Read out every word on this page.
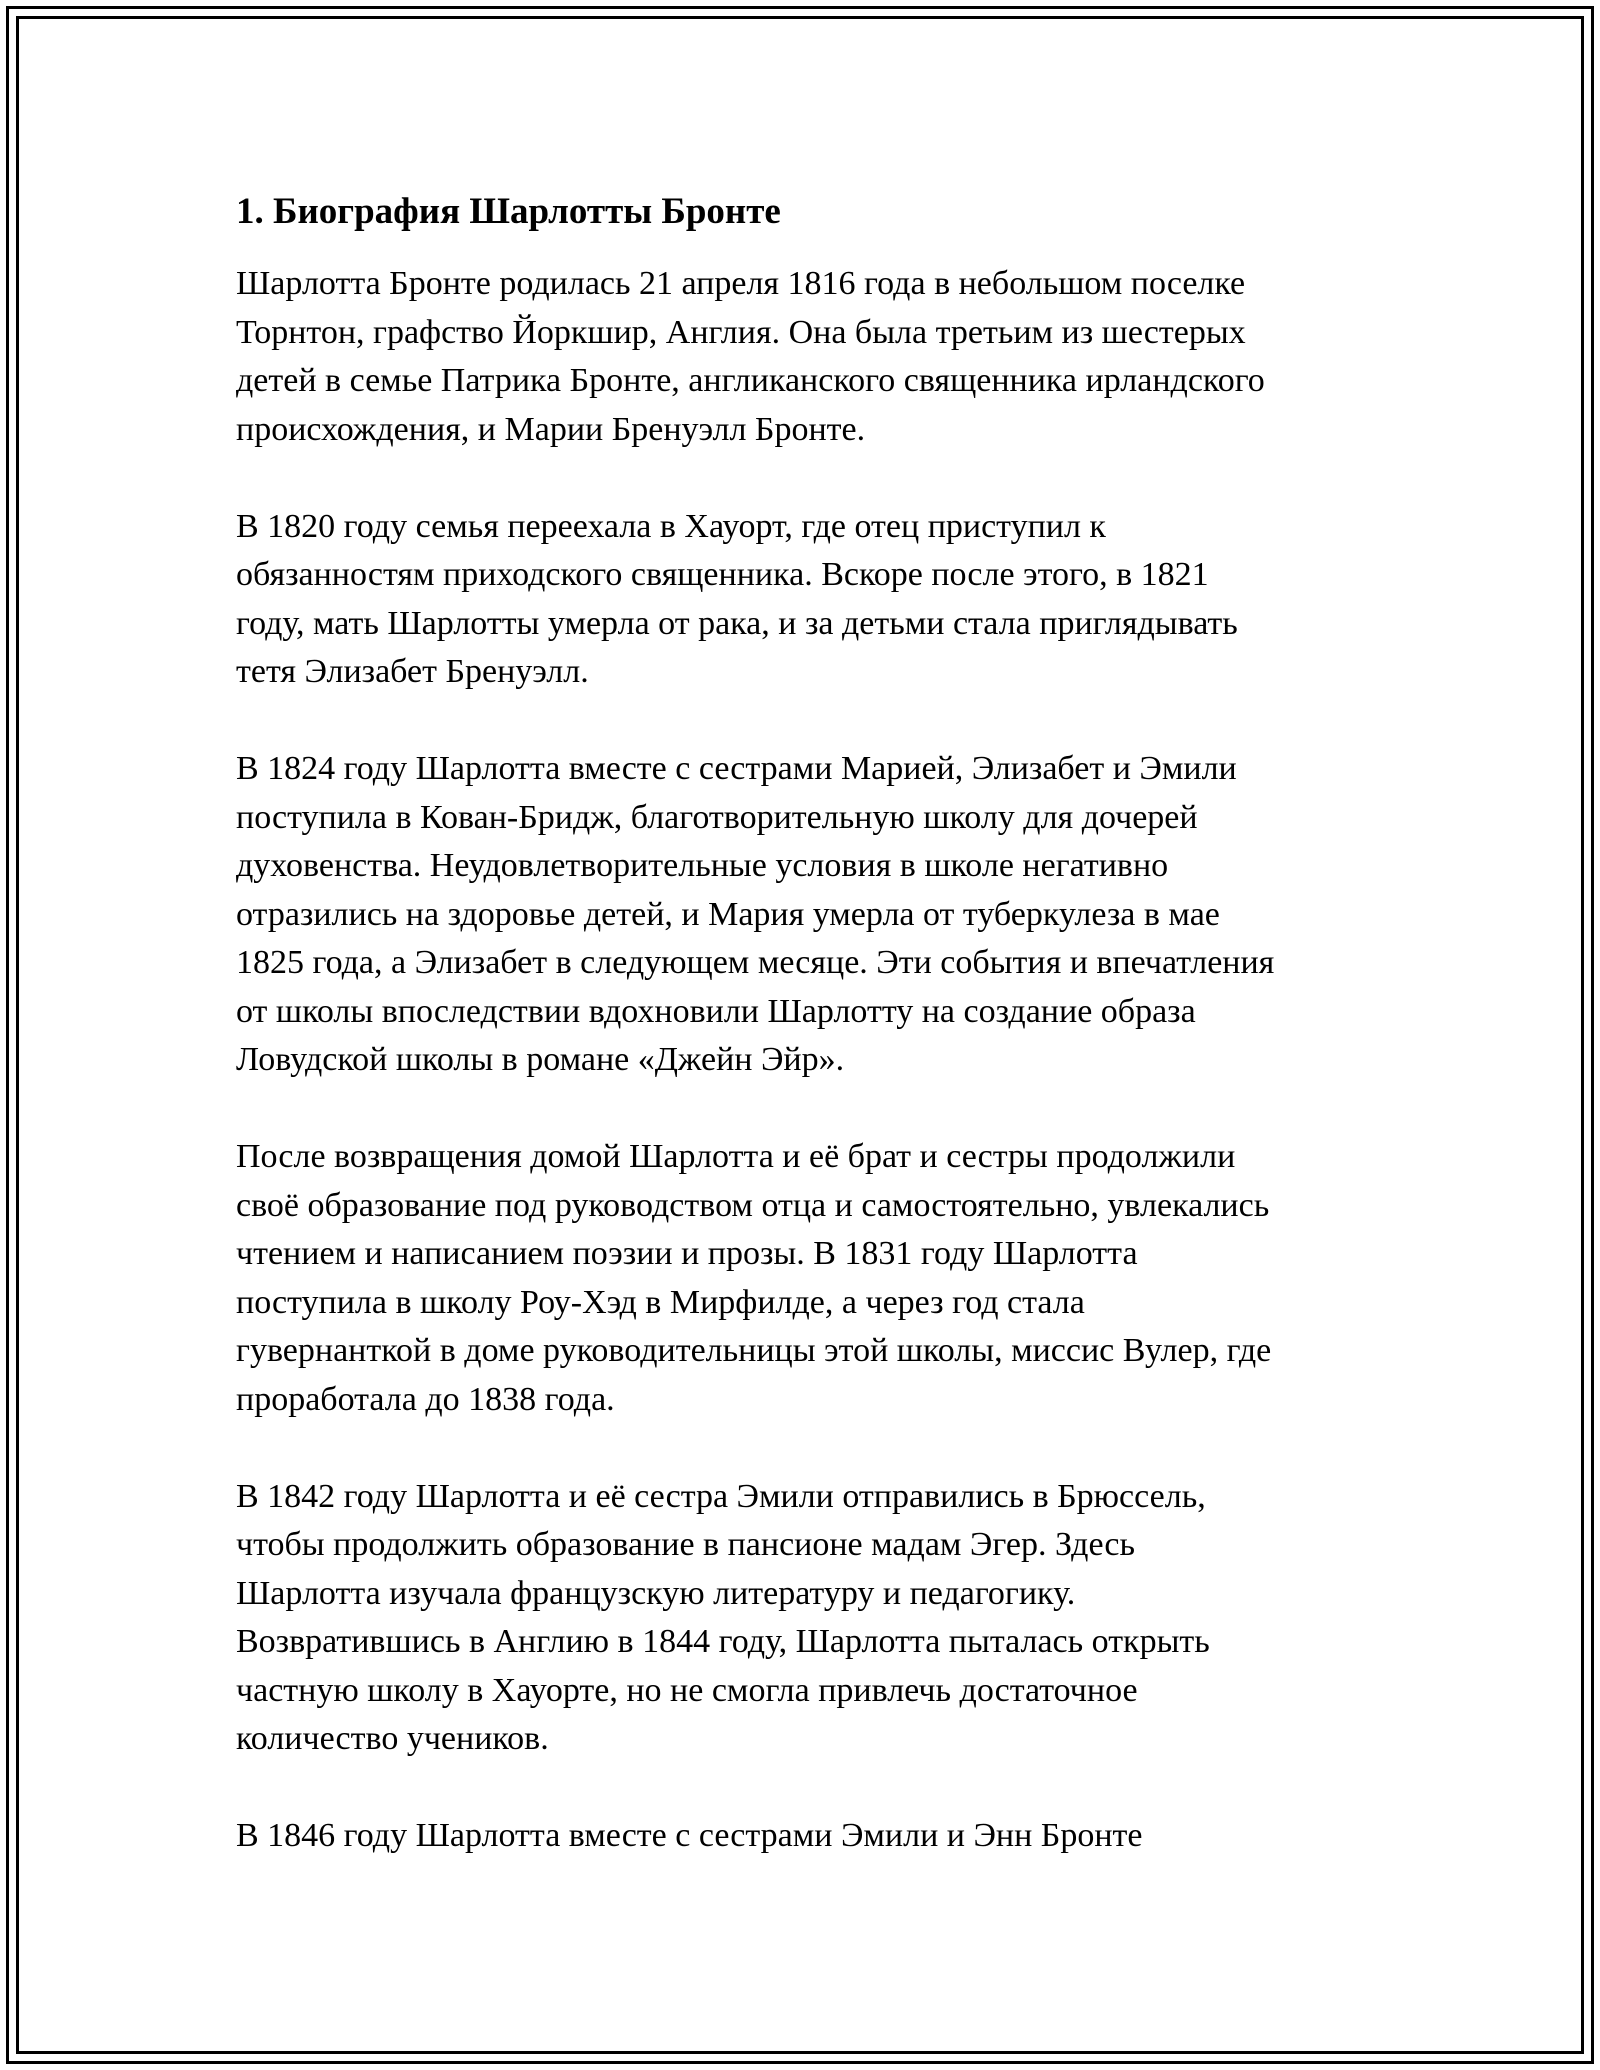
1. Биография Шарлотты Бронте
Шарлотта Бронте родилась 21 апреля 1816 года в небольшом поселке
Торнтон, графство Йоркшир, Англия. Она была третьим из шестерых
детей в семье Патрика Бронте, англиканского священника ирландского
происхождения, и Марии Бренуэлл Бронте.
В 1820 году семья переехала в Хауорт, где отец приступил к
обязанностям приходского священника. Вскоре после этого, в 1821
году, мать Шарлотты умерла от рака, и за детьми стала приглядывать
тетя Элизабет Бренуэлл.
В 1824 году Шарлотта вместе с сестрами Марией, Элизабет и Эмили
поступила в Кован-Бридж, благотворительную школу для дочерей
духовенства. Неудовлетворительные условия в школе негативно
отразились на здоровье детей, и Мария умерла от туберкулеза в мае
1825 года, а Элизабет в следующем месяце. Эти события и впечатления
от школы впоследствии вдохновили Шарлотту на создание образа
Ловудской школы в романе «Джейн Эйр».
После возвращения домой Шарлотта и её брат и сестры продолжили
своё образование под руководством отца и самостоятельно, увлекались
чтением и написанием поэзии и прозы. В 1831 году Шарлотта
поступила в школу Роу-Хэд в Мирфилде, а через год стала
гувернанткой в доме руководительницы этой школы, миссис Вулер, где
проработала до 1838 года.
В 1842 году Шарлотта и её сестра Эмили отправились в Брюссель,
чтобы продолжить образование в пансионе мадам Эгер. Здесь
Шарлотта изучала французскую литературу и педагогику.
Возвратившись в Англию в 1844 году, Шарлотта пыталась открыть
частную школу в Хауорте, но не смогла привлечь достаточное
количество учеников.
В 1846 году Шарлотта вместе с сестрами Эмили и Энн Бронте
